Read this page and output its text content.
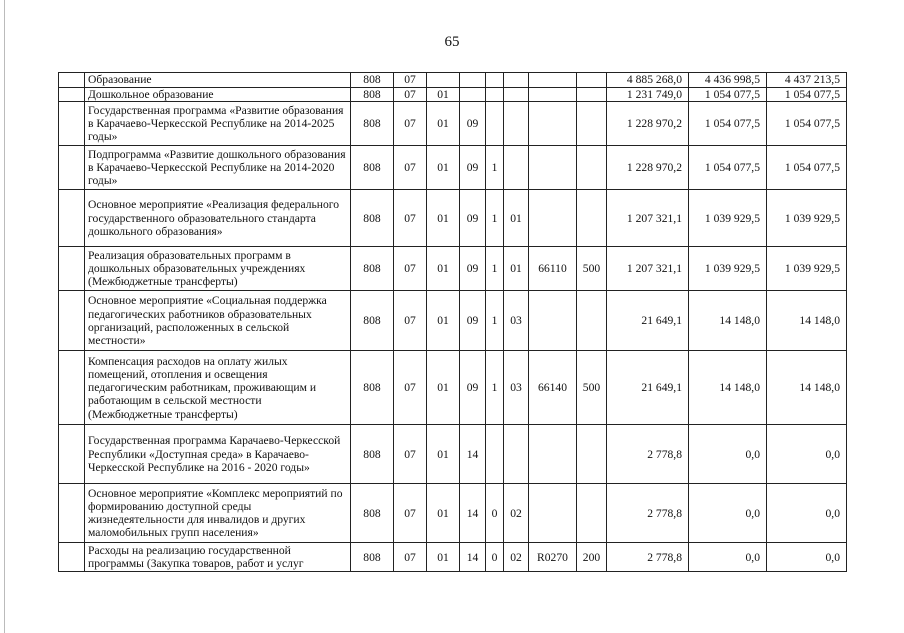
65
	Образование	808	07							4 885 268,0	4 436 998,5	4 437 213,5
	Дошкольное образование	808	07	01						1 231 749,0	1 054 077,5	1 054 077,5
	Государственная программа «Развитие образования в Карачаево-Черкесской Республике на 2014-2025 годы»	808	07	01	09					1 228 970,2	1 054 077,5	1 054 077,5
	Подпрограмма «Развитие дошкольного образования в Карачаево-Черкесской Республике на 2014-2020 годы»	808	07	01	09	1				1 228 970,2	1 054 077,5	1 054 077,5
	Основное мероприятие «Реализация федерального государственного образовательного стандарта дошкольного образования»	808	07	01	09	1	01			1 207 321,1	1 039 929,5	1 039 929,5
	Реализация образовательных программ в дошкольных образовательных учреждениях (Межбюджетные трансферты)	808	07	01	09	1	01	66110	500	1 207 321,1	1 039 929,5	1 039 929,5
	Основное мероприятие «Социальная поддержка педагогических работников образовательных организаций, расположенных в сельской местности»	808	07	01	09	1	03			21 649,1	14 148,0	14 148,0
	Компенсация расходов на оплату жилых помещений, отопления и освещения педагогическим работникам, проживающим и работающим в сельской местности (Межбюджетные трансферты)	808	07	01	09	1	03	66140	500	21 649,1	14 148,0	14 148,0
	Государственная программа Карачаево-Черкесской Республики «Доступная среда» в Карачаево-Черкесской Республике на 2016 - 2020 годы»	808	07	01	14					2 778,8	0,0	0,0
	Основное мероприятие «Комплекс мероприятий по формированию доступной среды жизнедеятельности для инвалидов и других маломобильных групп населения»	808	07	01	14	0	02			2 778,8	0,0	0,0
	Расходы на реализацию государственной программы (Закупка товаров, работ и услуг	808	07	01	14	0	02	R0270	200	2 778,8	0,0	0,0
